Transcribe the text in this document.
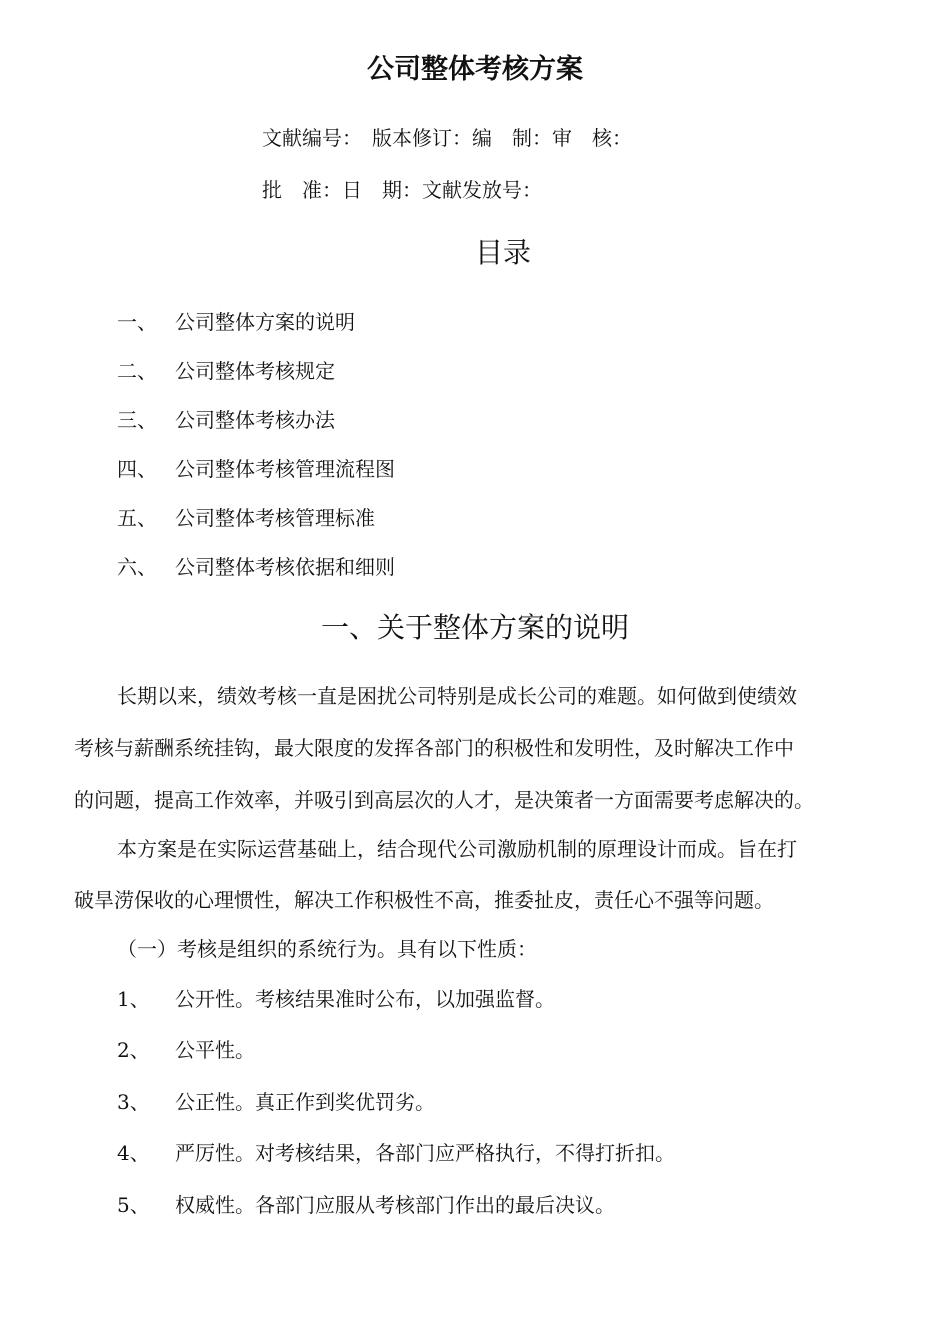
公司整体考核方案
文献编号：　版本修订：编　制：审　核：
批　准：日　期：文献发放号：
目录
一、 公司整体方案的说明
二、 公司整体考核规定
三、 公司整体考核办法
四、 公司整体考核管理流程图
五、 公司整体考核管理标准
六、 公司整体考核依据和细则
一、关于整体方案的说明
长期以来，绩效考核一直是困扰公司特别是成长公司的难题。如何做到使绩效
考核与薪酬系统挂钩，最大限度的发挥各部门的积极性和发明性，及时解决工作中
的问题，提高工作效率，并吸引到高层次的人才，是决策者一方面需要考虑解决的。
本方案是在实际运营基础上，结合现代公司激励机制的原理设计而成。旨在打
破旱涝保收的心理惯性，解决工作积极性不高，推委扯皮，责任心不强等问题。
（一）考核是组织的系统行为。具有以下性质：
1、 公开性。考核结果准时公布，以加强监督。
2、 公平性。
3、 公正性。真正作到奖优罚劣。
4、 严厉性。对考核结果，各部门应严格执行，不得打折扣。
5、 权威性。各部门应服从考核部门作出的最后决议。
